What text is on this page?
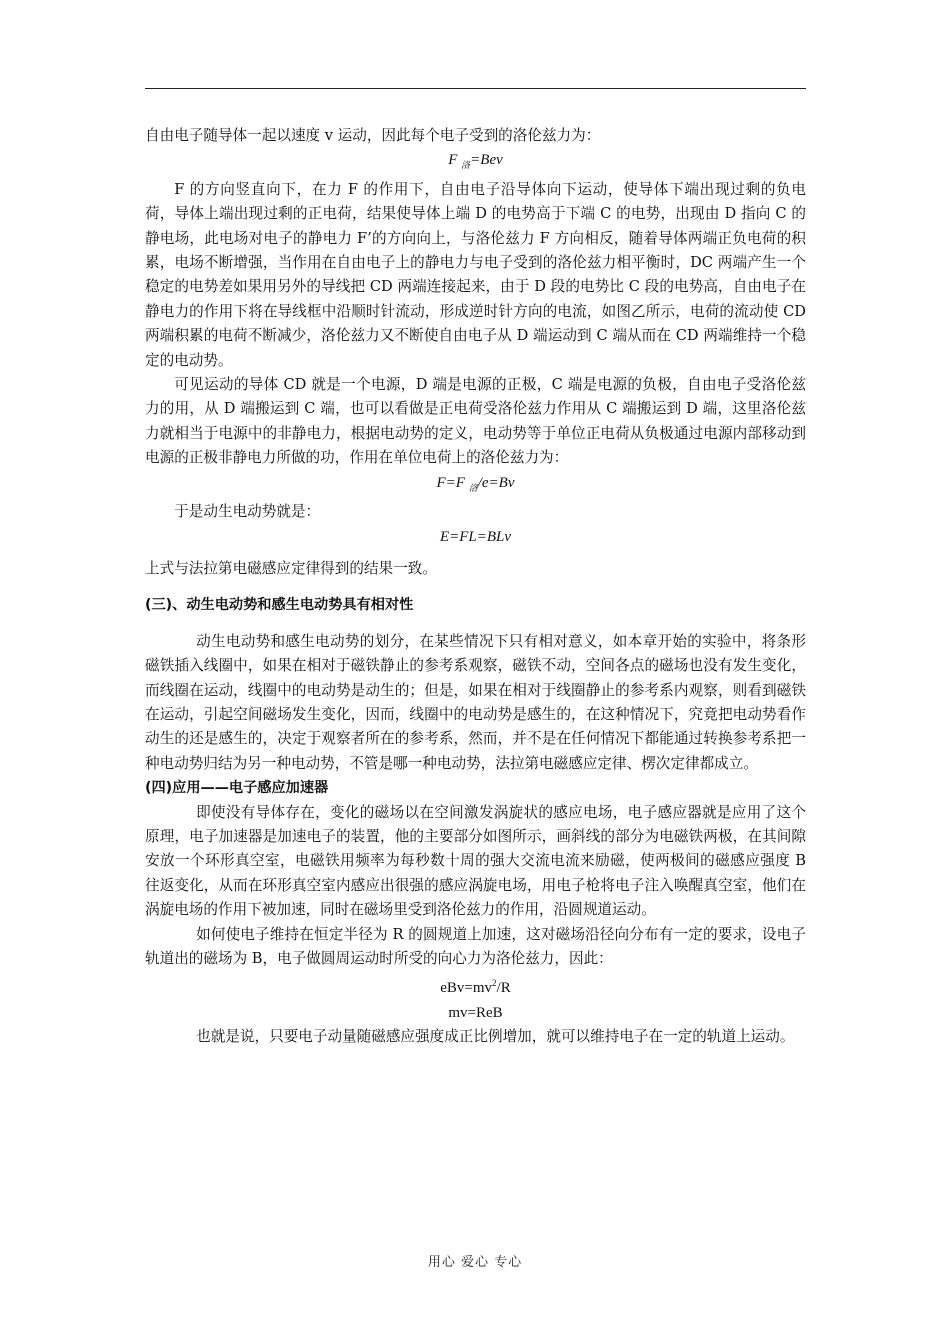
自由电子随导体一起以速度 v 运动，因此每个电子受到的洛伦兹力为：

F $_洛$=Bev

F 的方向竖直向下，在力 F 的作用下，自由电子沿导体向下运动，使导体下端出现过剩的负电荷，导体上端出现过剩的正电荷，结果使导体上端 D 的电势高于下端 C 的电势，出现由 D 指向 C 的静电场，此电场对电子的静电力 F’的方向向上，与洛伦兹力 F 方向相反，随着导体两端正负电荷的积累，电场不断增强，当作用在自由电子上的静电力与电子受到的洛伦兹力相平衡时，DC 两端产生一个稳定的电势差如果用另外的导线把 CD 两端连接起来，由于 D 段的电势比 C 段的电势高，自由电子在静电力的作用下将在导线框中沿顺时针流动，形成逆时针方向的电流，如图乙所示，电荷的流动使 CD 两端积累的电荷不断减少，洛伦兹力又不断使自由电子从 D 端运动到 C 端从而在 CD 两端维持一个稳定的电动势。

可见运动的导体 CD 就是一个电源，D 端是电源的正极，C 端是电源的负极，自由电子受洛伦兹力的用，从 D 端搬运到 C 端，也可以看做是正电荷受洛伦兹力作用从 C 端搬运到 D 端，这里洛伦兹力就相当于电源中的非静电力，根据电动势的定义，电动势等于单位正电荷从负极通过电源内部移动到电源的正极非静电力所做的功，作用在单位电荷上的洛伦兹力为：

F=F $_洛$/e=Bv

于是动生电动势就是：

E=FL=BLv

上式与法拉第电磁感应定律得到的结果一致。

(三)、动生电动势和感生电动势具有相对性

动生电动势和感生电动势的划分，在某些情况下只有相对意义，如本章开始的实验中，将条形磁铁插入线圈中，如果在相对于磁铁静止的参考系观察，磁铁不动，空间各点的磁场也没有发生变化，而线圈在运动，线圈中的电动势是动生的；但是，如果在相对于线圈静止的参考系内观察，则看到磁铁在运动，引起空间磁场发生变化，因而，线圈中的电动势是感生的，在这种情况下，究竟把电动势看作动生的还是感生的，决定于观察者所在的参考系，然而，并不是在任何情况下都能通过转换参考系把一种电动势归结为另一种电动势，不管是哪一种电动势，法拉第电磁感应定律、楞次定律都成立。

(四)应用——电子感应加速器

即使没有导体存在，变化的磁场以在空间激发涡旋状的感应电场，电子感应器就是应用了这个原理，电子加速器是加速电子的装置，他的主要部分如图所示，画斜线的部分为电磁铁两极，在其间隙安放一个环形真空室，电磁铁用频率为每秒数十周的强大交流电流来励磁，使两极间的磁感应强度 B 往返变化，从而在环形真空室内感应出很强的感应涡旋电场，用电子枪将电子注入唤醒真空室，他们在涡旋电场的作用下被加速，同时在磁场里受到洛伦兹力的作用，沿圆规道运动。

如何使电子维持在恒定半径为 R 的圆规道上加速，这对磁场沿径向分布有一定的要求，设电子轨道出的磁场为 B，电子做圆周运动时所受的向心力为洛伦兹力，因此：

$eBv=mv^2/R$

mv=ReB

也就是说，只要电子动量随磁感应强度成正比例增加，就可以维持电子在一定的轨道上运动。

用心 爱心 专心
